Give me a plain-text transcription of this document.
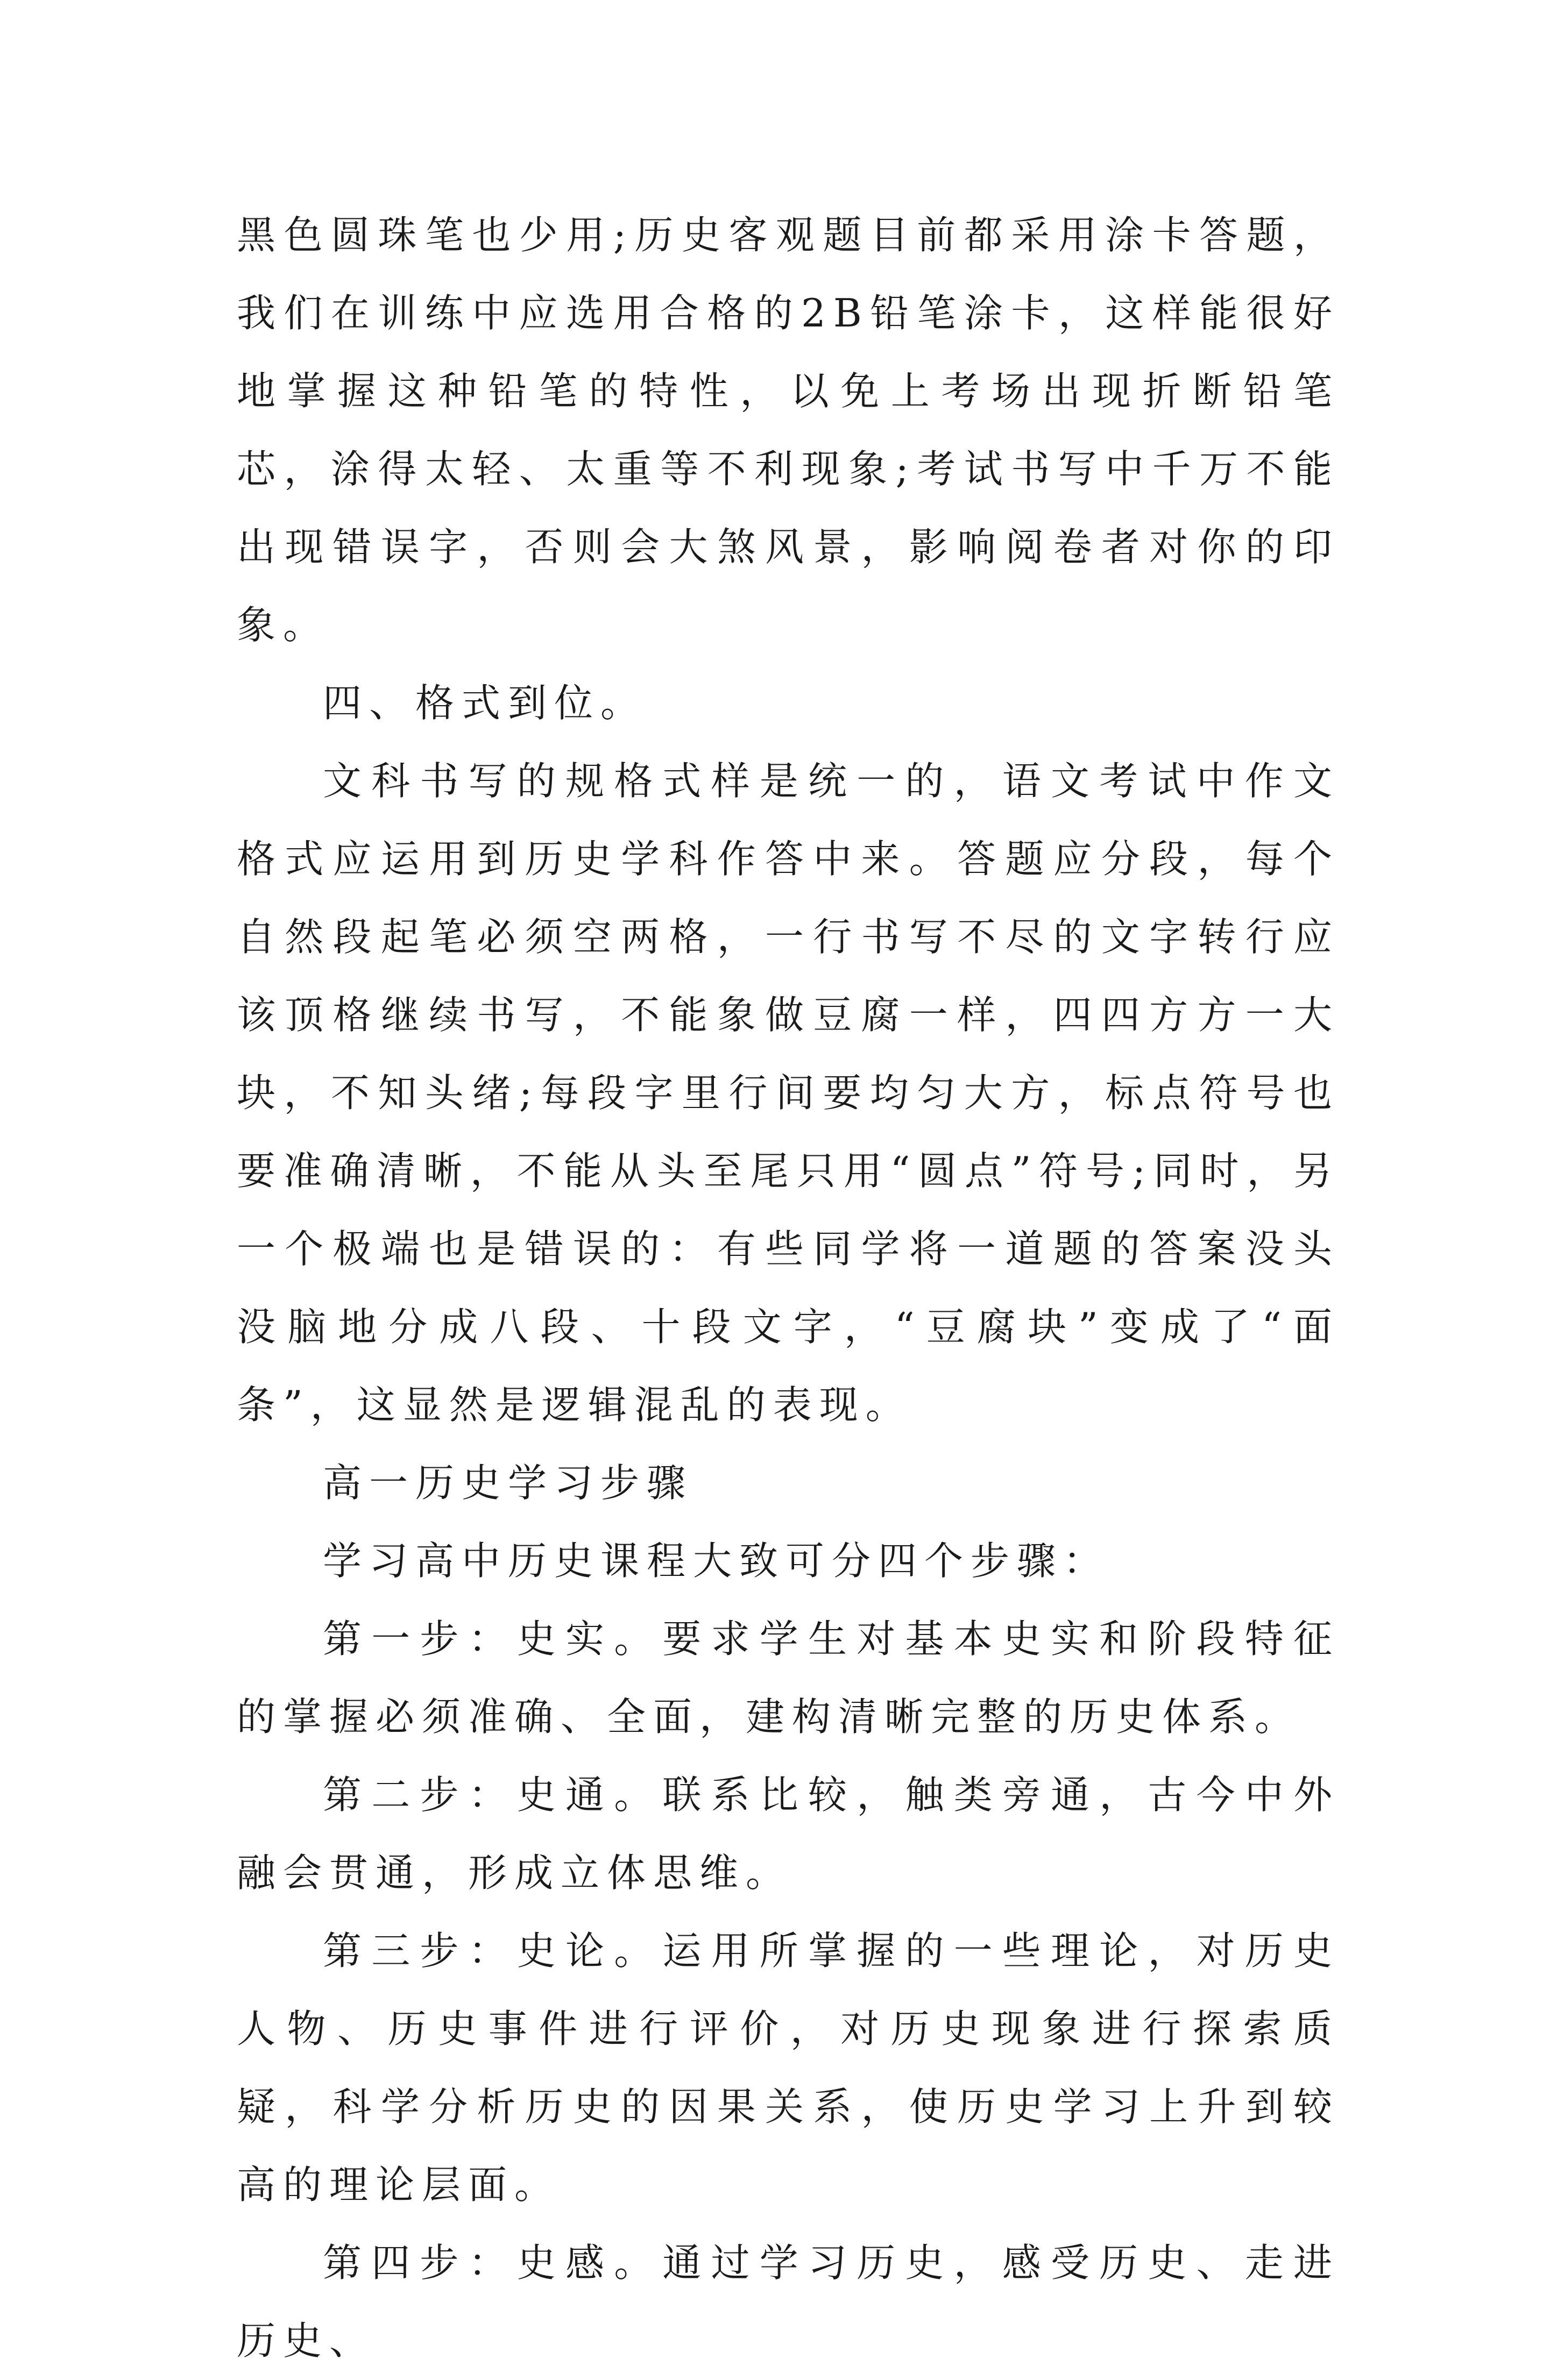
黑色圆珠笔也少用;历史客观题目前都采用涂卡答题，我们在训练中应选用合格的2B铅笔涂卡，这样能很好地掌握这种铅笔的特性，以免上考场出现折断铅笔芯，涂得太轻、太重等不利现象;考试书写中千万不能出现错误字，否则会大煞风景，影响阅卷者对你的印象。

四、格式到位。

文科书写的规格式样是统一的，语文考试中作文格式应运用到历史学科作答中来。答题应分段，每个自然段起笔必须空两格，一行书写不尽的文字转行应该顶格继续书写，不能象做豆腐一样，四四方方一大块，不知头绪;每段字里行间要均匀大方，标点符号也要准确清晰，不能从头至尾只用“圆点”符号;同时，另一个极端也是错误的：有些同学将一道题的答案没头没脑地分成八段、十段文字，“豆腐块”变成了“面条”，这显然是逻辑混乱的表现。

高一历史学习步骤

学习高中历史课程大致可分四个步骤：

第一步：史实。要求学生对基本史实和阶段特征的掌握必须准确、全面，建构清晰完整的历史体系。

第二步：史通。联系比较，触类旁通，古今中外融会贯通，形成立体思维。

第三步：史论。运用所掌握的一些理论，对历史人物、历史事件进行评价，对历史现象进行探索质疑，科学分析历史的因果关系，使历史学习上升到较高的理论层面。

第四步：史感。通过学习历史，感受历史、走进历史、
